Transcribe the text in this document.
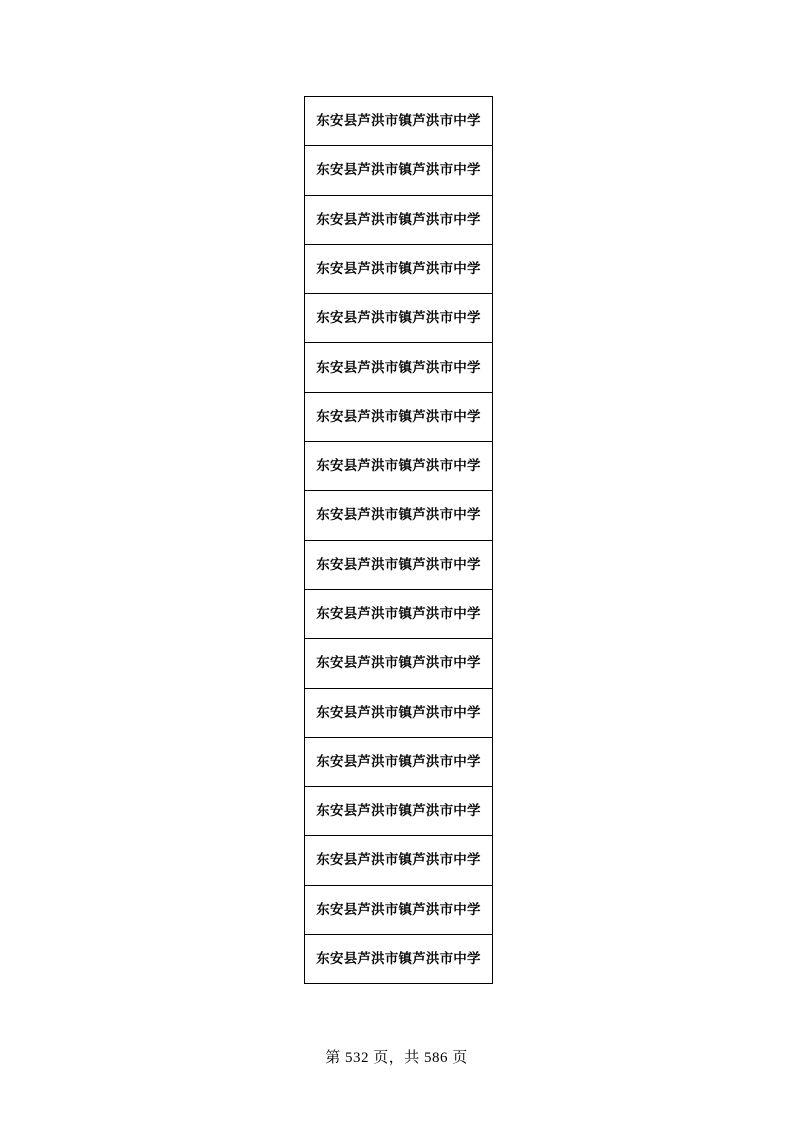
东安县芦洪市镇芦洪市中学
东安县芦洪市镇芦洪市中学
东安县芦洪市镇芦洪市中学
东安县芦洪市镇芦洪市中学
东安县芦洪市镇芦洪市中学
东安县芦洪市镇芦洪市中学
东安县芦洪市镇芦洪市中学
东安县芦洪市镇芦洪市中学
东安县芦洪市镇芦洪市中学
东安县芦洪市镇芦洪市中学
东安县芦洪市镇芦洪市中学
东安县芦洪市镇芦洪市中学
东安县芦洪市镇芦洪市中学
东安县芦洪市镇芦洪市中学
东安县芦洪市镇芦洪市中学
东安县芦洪市镇芦洪市中学
东安县芦洪市镇芦洪市中学
东安县芦洪市镇芦洪市中学
第 532 页，共 586 页
